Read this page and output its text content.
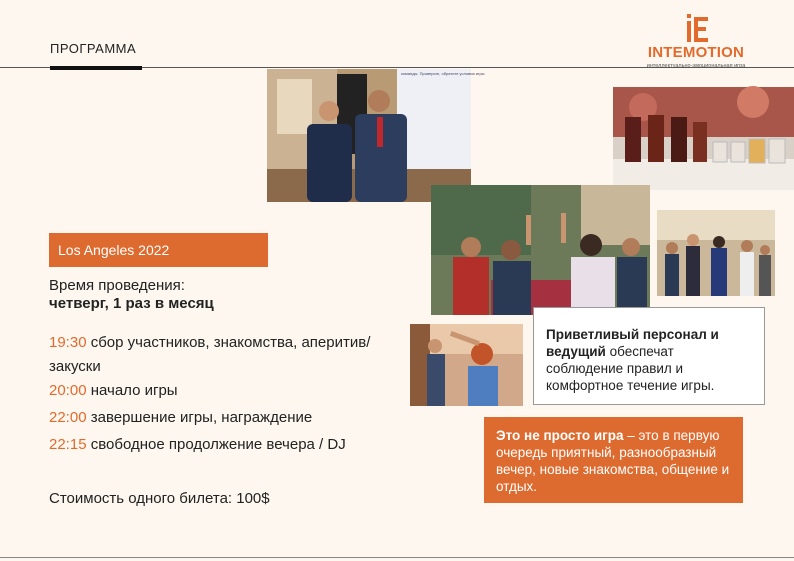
ПРОГРАММА	INTEMOTION
интеллектуально-эмоциональная игра
команды. Проверьте, обратите условия игры
Los Angeles 2022
Время проведения:
четверг, 1 раз в месяц

19:30 сбор участников, знакомства, аперитив/закуски

20:00 начало игры

22:00 завершение игры, награждение

22:15 свободное продолжение вечера / DJ

Стоимость одного билета: 100$
Приветливый персонал и ведущий обеспечат соблюдение правил и комфортное течение игры.
Это не просто игра – это в первую очередь приятный, разнообразный вечер, новые знакомства, общение и отдых.
